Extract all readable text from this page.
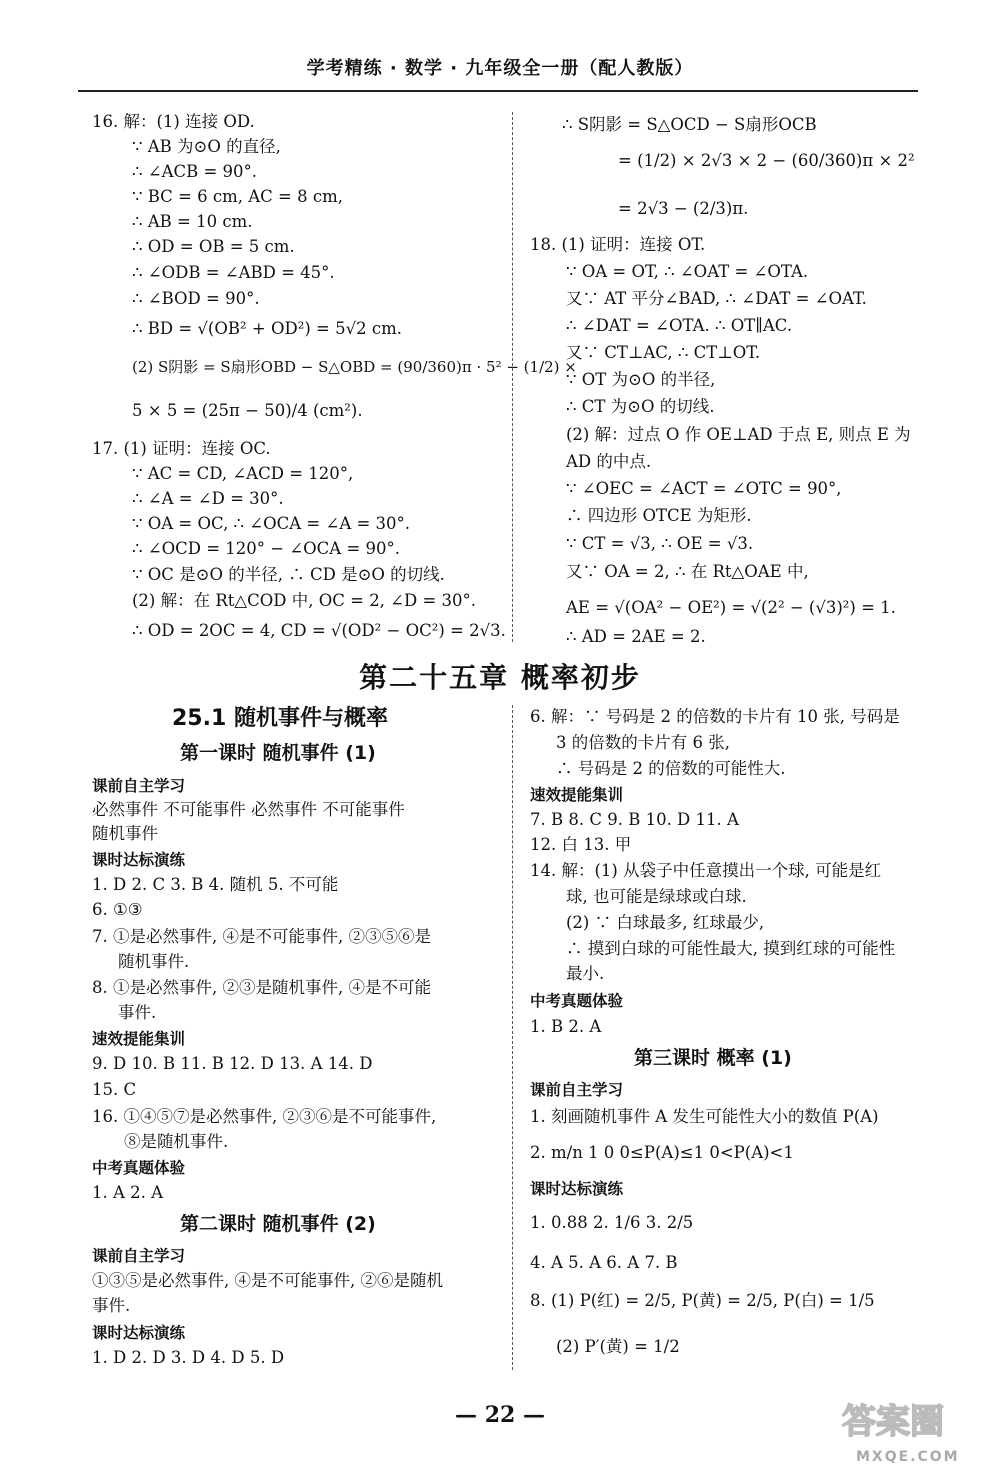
学考精练 · 数学 · 九年级全一册（配人教版）
16. 解：(1) 连接 OD.
∵ AB 为⊙O 的直径,
∴ ∠ACB = 90°.
∵ BC = 6 cm, AC = 8 cm,
∴ AB = 10 cm.
∴ OD = OB = 5 cm.
∴ ∠ODB = ∠ABD = 45°.
∴ ∠BOD = 90°.
∴ BD = √(OB² + OD²) = 5√2 cm.
(2) S阴影 = S扇形OBD − S△OBD = (90/360)π · 5² − (1/2) ×
5 × 5 = (25π − 50)/4 (cm²).
17. (1) 证明：连接 OC.
∵ AC = CD, ∠ACD = 120°,
∴ ∠A = ∠D = 30°.
∵ OA = OC, ∴ ∠OCA = ∠A = 30°.
∴ ∠OCD = 120° − ∠OCA = 90°.
∵ OC 是⊙O 的半径, ∴ CD 是⊙O 的切线.
(2) 解：在 Rt△COD 中, OC = 2, ∠D = 30°.
∴ OD = 2OC = 4, CD = √(OD² − OC²) = 2√3.
∴ S阴影 = S△OCD − S扇形OCB
= (1/2) × 2√3 × 2 − (60/360)π × 2²
= 2√3 − (2/3)π.
18. (1) 证明：连接 OT.
∵ OA = OT, ∴ ∠OAT = ∠OTA.
又∵ AT 平分∠BAD, ∴ ∠DAT = ∠OAT.
∴ ∠DAT = ∠OTA. ∴ OT∥AC.
又∵ CT⊥AC, ∴ CT⊥OT.
∵ OT 为⊙O 的半径,
∴ CT 为⊙O 的切线.
(2) 解：过点 O 作 OE⊥AD 于点 E, 则点 E 为
AD 的中点.
∵ ∠OEC = ∠ACT = ∠OTC = 90°,
∴ 四边形 OTCE 为矩形.
∵ CT = √3, ∴ OE = √3.
又∵ OA = 2, ∴ 在 Rt△OAE 中,
AE = √(OA² − OE²) = √(2² − (√3)²) = 1.
∴ AD = 2AE = 2.
第二十五章 概率初步
25.1 随机事件与概率
第一课时 随机事件 (1)
课前自主学习
必然事件 不可能事件 必然事件 不可能事件
随机事件
课时达标演练
1. D 2. C 3. B 4. 随机 5. 不可能
6. ①③
7. ①是必然事件, ④是不可能事件, ②③⑤⑥是
随机事件.
8. ①是必然事件, ②③是随机事件, ④是不可能
事件.
速效提能集训
9. D 10. B 11. B 12. D 13. A 14. D
15. C
16. ①④⑤⑦是必然事件, ②③⑥是不可能事件,
⑧是随机事件.
中考真题体验
1. A 2. A
第二课时 随机事件 (2)
课前自主学习
①③⑤是必然事件, ④是不可能事件, ②⑥是随机
事件.
课时达标演练
1. D 2. D 3. D 4. D 5. D
6. 解：∵ 号码是 2 的倍数的卡片有 10 张, 号码是
3 的倍数的卡片有 6 张,
∴ 号码是 2 的倍数的可能性大.
速效提能集训
7. B 8. C 9. B 10. D 11. A
12. 白 13. 甲
14. 解：(1) 从袋子中任意摸出一个球, 可能是红
球, 也可能是绿球或白球.
(2) ∵ 白球最多, 红球最少,
∴ 摸到白球的可能性最大, 摸到红球的可能性
最小.
中考真题体验
1. B 2. A
第三课时 概率 (1)
课前自主学习
1. 刻画随机事件 A 发生可能性大小的数值 P(A)
2. m/n 1 0 0≤P(A)≤1 0<P(A)<1
课时达标演练
1. 0.88 2. 1/6 3. 2/5
4. A 5. A 6. A 7. B
8. (1) P(红) = 2/5, P(黄) = 2/5, P(白) = 1/5
(2) P′(黄) = 1/2
— 22 —	答案圈
MXQE.COM
